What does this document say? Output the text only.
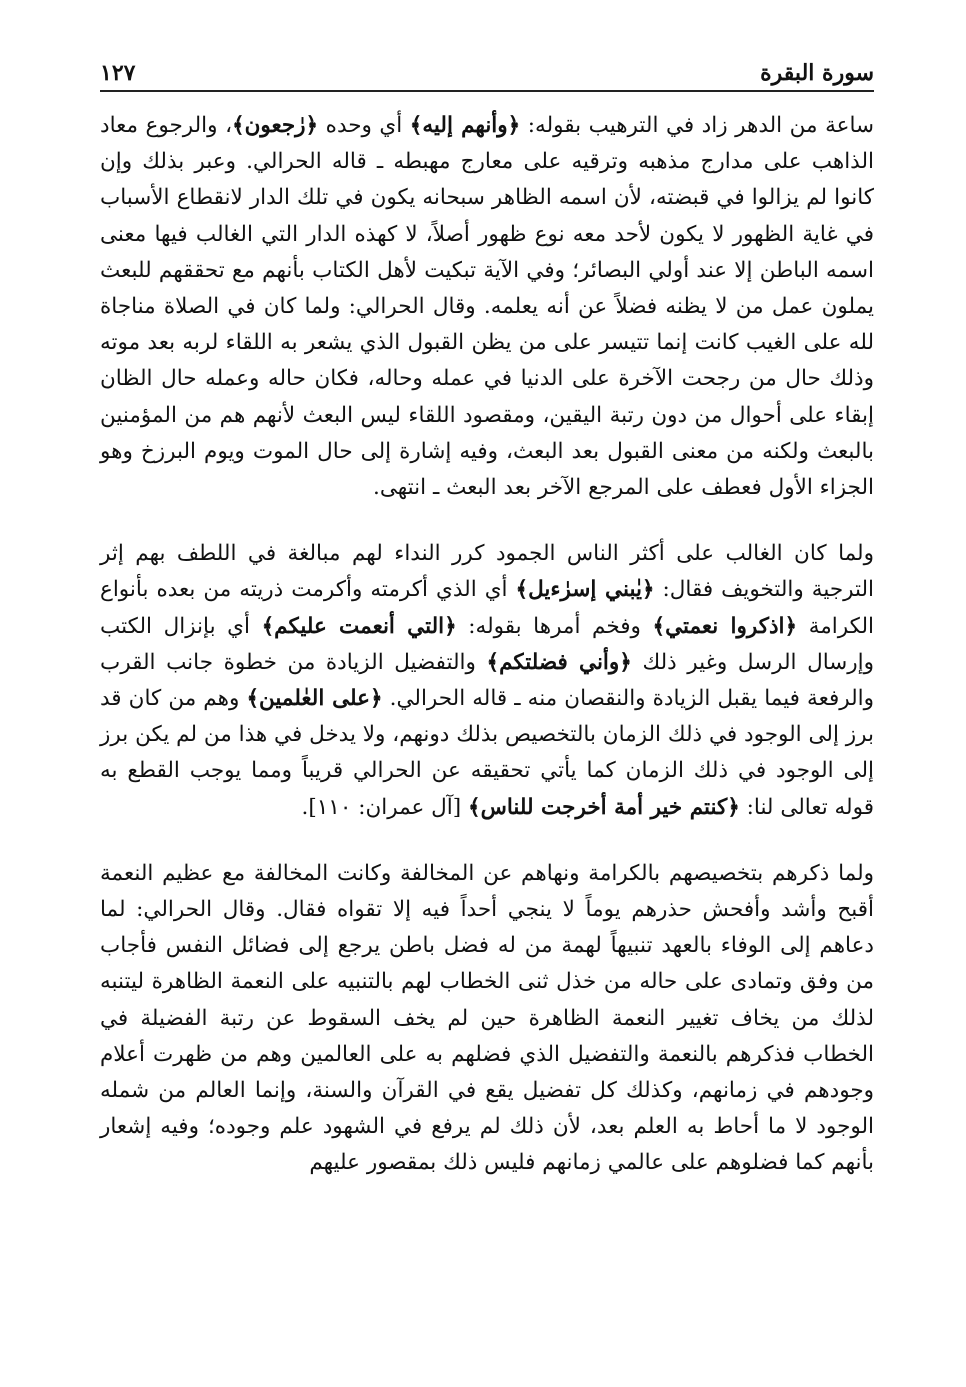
سورة البقرة
١٢٧

ساعة من الدهر زاد في الترهيب بقوله: ﴿وأنهم إليه﴾ أي وحده ﴿رٰجعون﴾، والرجوع معاد الذاهب على مدارج مذهبه وترقيه على معارج مهبطه ـ قاله الحرالي. وعبر بذلك وإن كانوا لم يزالوا في قبضته، لأن اسمه الظاهر سبحانه يكون في تلك الدار لانقطاع الأسباب في غاية الظهور لا يكون لأحد معه نوع ظهور أصلاً، لا كهذه الدار التي الغالب فيها معنى اسمه الباطن إلا عند أولي البصائر؛ وفي الآية تبكيت لأهل الكتاب بأنهم مع تحققهم للبعث يملون عمل من لا يظنه فضلاً عن أنه يعلمه. وقال الحرالي: ولما كان في الصلاة مناجاة لله على الغيب كانت إنما تتيسر على من يظن القبول الذي يشعر به اللقاء لربه بعد موته وذلك حال من رجحت الآخرة على الدنيا في عمله وحاله، فكان حاله وعمله حال الظان إبقاء على أحوال من دون رتبة اليقين، ومقصود اللقاء ليس البعث لأنهم هم من المؤمنين بالبعث ولكنه من معنى القبول بعد البعث، وفيه إشارة إلى حال الموت ويوم البرزخ وهو الجزاء الأول فعطف على المرجع الآخر بعد البعث ـ انتهى.

ولما كان الغالب على أكثر الناس الجمود كرر النداء لهم مبالغة في اللطف بهم إثر الترجية والتخويف فقال: ﴿يٰبني إسرٰءيل﴾ أي الذي أكرمته وأكرمت ذريته من بعده بأنواع الكرامة ﴿اذكروا نعمتي﴾ وفخم أمرها بقوله: ﴿التي أنعمت عليكم﴾ أي بإنزال الكتب وإرسال الرسل وغير ذلك ﴿وأني فضلتكم﴾ والتفضيل الزيادة من خطوة جانب القرب والرفعة فيما يقبل الزيادة والنقصان منه ـ قاله الحرالي. ﴿على العٰلمين﴾ وهم من كان قد برز إلى الوجود في ذلك الزمان بالتخصيص بذلك دونهم، ولا يدخل في هذا من لم يكن برز إلى الوجود في ذلك الزمان كما يأتي تحقيقه عن الحرالي قريباً ومما يوجب القطع به قوله تعالى لنا: ﴿كنتم خير أمة أخرجت للناس﴾ [آل عمران: ١١٠].

ولما ذكرهم بتخصيصهم بالكرامة ونهاهم عن المخالفة وكانت المخالفة مع عظيم النعمة أقبح وأشد وأفحش حذرهم يوماً لا ينجي أحداً فيه إلا تقواه فقال. وقال الحرالي: لما دعاهم إلى الوفاء بالعهد تنبيهاً لهمة من له فضل باطن يرجع إلى فضائل النفس فأجاب من وفق وتمادى على حاله من خذل ثنى الخطاب لهم بالتنبيه على النعمة الظاهرة ليتنبه لذلك من يخاف تغيير النعمة الظاهرة حين لم يخف السقوط عن رتبة الفضيلة في الخطاب فذكرهم بالنعمة والتفضيل الذي فضلهم به على العالمين وهم من ظهرت أعلام وجودهم في زمانهم، وكذلك كل تفضيل يقع في القرآن والسنة، وإنما العالم من شمله الوجود لا ما أحاط به العلم بعد، لأن ذلك لم يرفع في الشهود علم وجوده؛ وفيه إشعار بأنهم كما فضلوهم على عالمي زمانهم فليس ذلك بمقصور عليهم
